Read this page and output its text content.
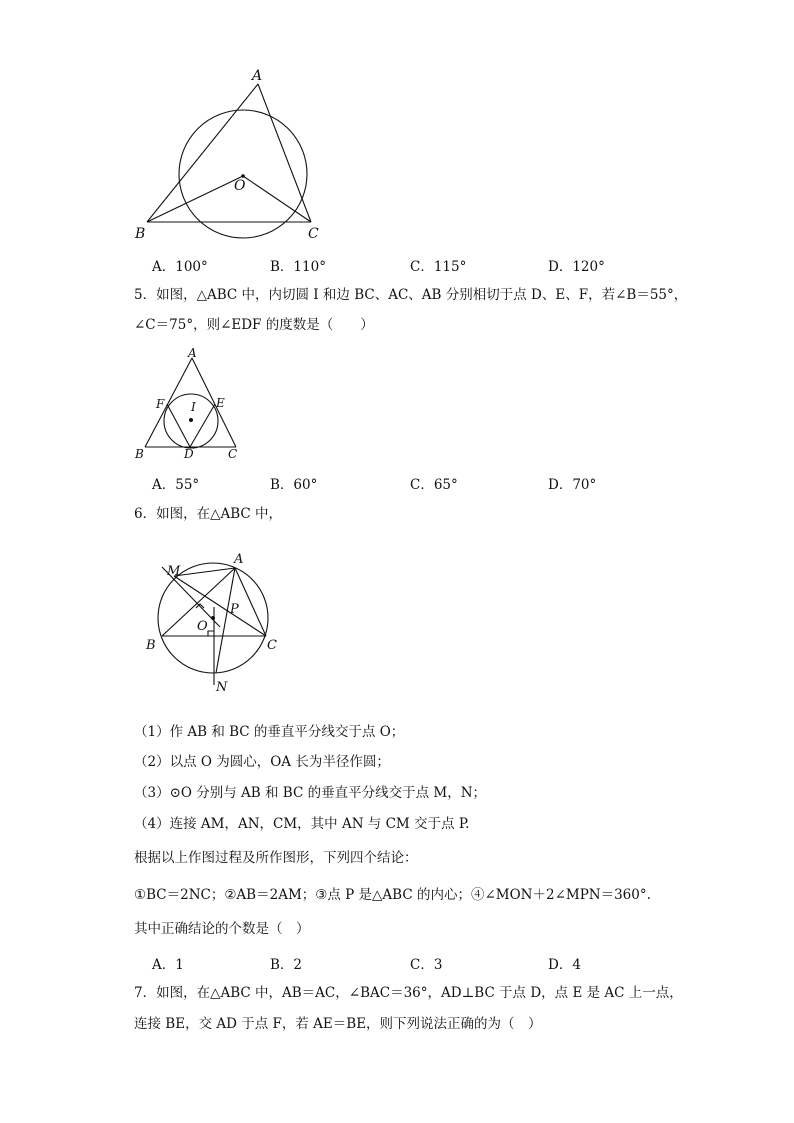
A
O
B	C
A．100°	B．110°	C．115°	D．120°
5．如图，△ABC 中，内切圆 I 和边 BC、AC、AB 分别相切于点 D、E、F，若∠B＝55°，
∠C＝75°，则∠EDF 的度数是（　　）
A
F I E
B	D	C
A．55°	B．60°	C．65°	D．70°
6．如图，在△ABC 中，
M
A
P
O
B	C
N
（1）作 AB 和 BC 的垂直平分线交于点 O；
（2）以点 O 为圆心，OA 长为半径作圆；
（3）⊙O 分别与 AB 和 BC 的垂直平分线交于点 M，N；
（4）连接 AM，AN，CM，其中 AN 与 CM 交于点 P.
根据以上作图过程及所作图形，下列四个结论：
①BC＝2NC；②AB＝2AM；③点 P 是△ABC 的内心；④∠MON＋2∠MPN＝360°.
其中正确结论的个数是（　）
A．1	B．2	C．3	D．4
7．如图，在△ABC 中，AB＝AC，∠BAC＝36°，AD⊥BC 于点 D，点 E 是 AC 上一点，
连接 BE，交 AD 于点 F，若 AE＝BE，则下列说法正确的为（　）
